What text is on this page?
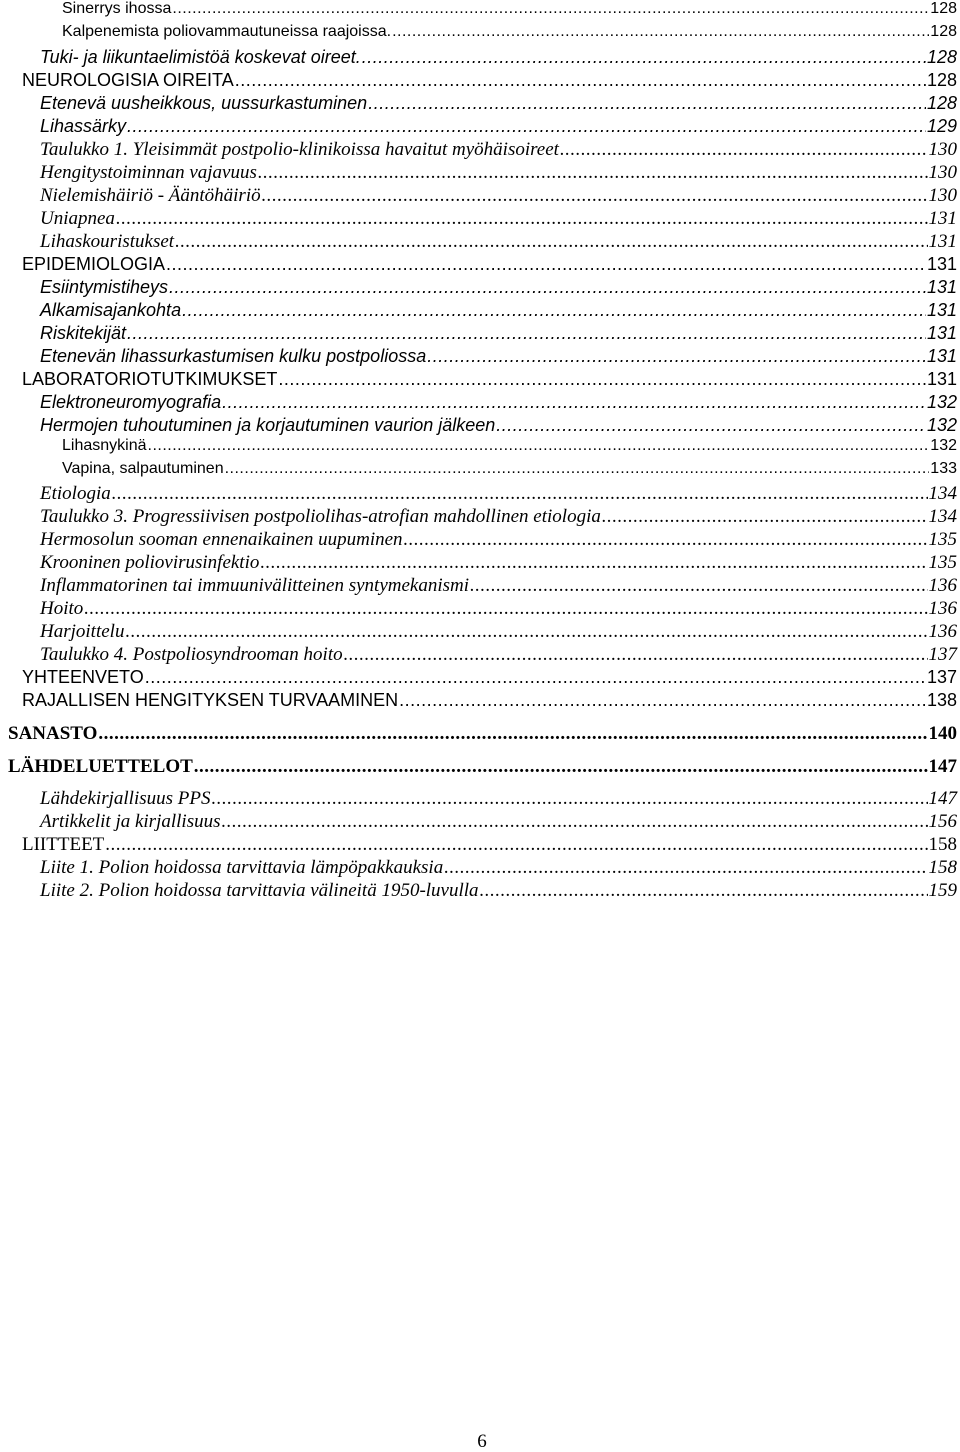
Sinerrys ihossa .....	128
Kalpenemista poliovammautuneissa raajoissa. .....	128
Tuki- ja liikuntaelimistöä koskevat oireet. .....	128
NEUROLOGISIA OIREITA .....	128
Etenevä uusheikkous, uussurkastuminen .....	128
Lihassärky .....	129
Taulukko 1. Yleisimmät postpolio-klinikoissa havaitut myöhäisoireet .....	130
Hengitystoiminnan vajavuus .....	130
Nielemishäiriö - Ääntöhäiriö .....	130
Uniapnea .....	131
Lihaskouristukset .....	131
EPIDEMIOLOGIA .....	131
Esiintymistiheys .....	131
Alkamisajankohta .....	131
Riskitekijät .....	131
Etenevän lihassurkastumisen kulku postpoliossa .....	131
LABORATORIOTUTKIMUKSET .....	131
Elektroneuromyografia .....	132
Hermojen tuhoutuminen ja korjautuminen vaurion jälkeen .....	132
Lihasnykinä .....	132
Vapina, salpautuminen .....	133
Etiologia .....	134
Taulukko 3. Progressiivisen postpoliolihas-atrofian mahdollinen etiologia .....	134
Hermosolun sooman ennenaikainen uupuminen .....	135
Krooninen poliovirusinfektio .....	135
Inflammatorinen tai immuunivälitteinen syntymekanismi .....	136
Hoito .....	136
Harjoittelu .....	136
Taulukko 4. Postpoliosyndrooman hoito .....	137
YHTEENVETO .....	137
RAJALLISEN HENGITYKSEN TURVAAMINEN .....	138
SANASTO .....	140
LÄHDELUETTELOT .....	147
Lähdekirjallisuus PPS .....	147
Artikkelit ja kirjallisuus .....	156
LIITTEET .....	158
Liite 1. Polion hoidossa tarvittavia lämpöpakkauksia .....	158
Liite 2. Polion hoidossa tarvittavia välineitä 1950-luvulla .....	159
6
